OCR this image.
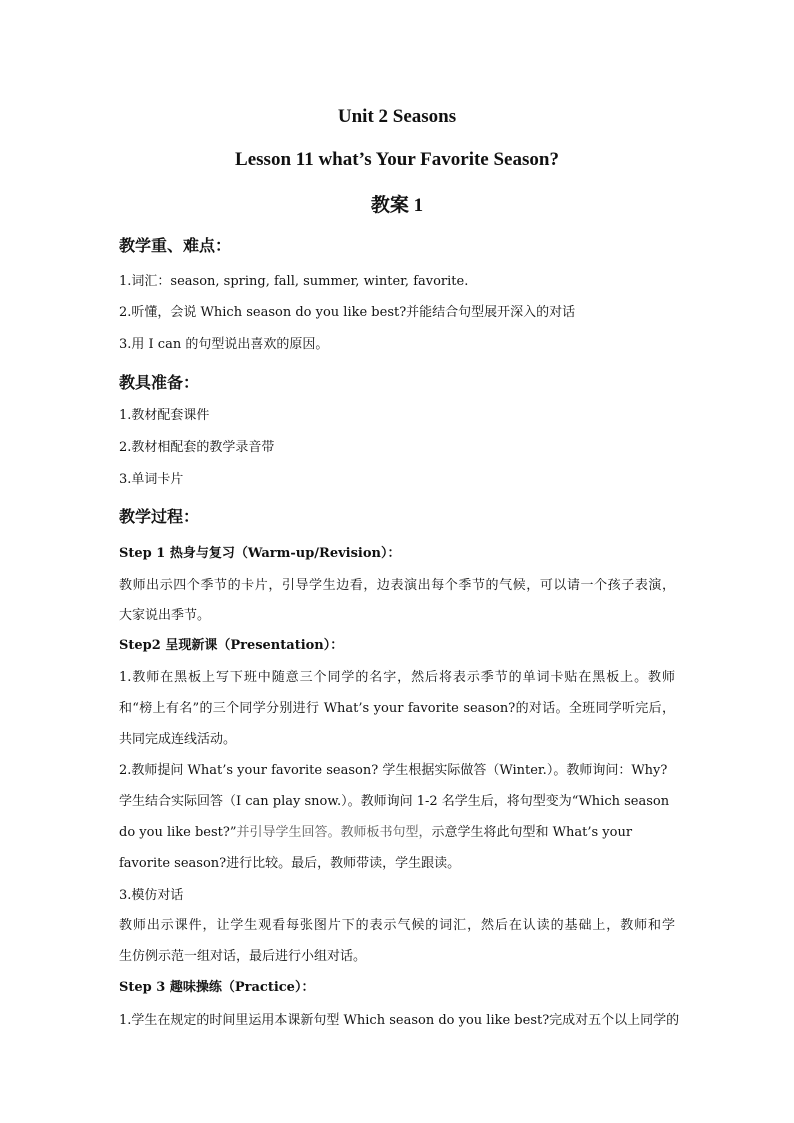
Unit 2 Seasons
Lesson 11 what’s Your Favorite Season?
教案 1
教学重、难点：
1.词汇：season, spring, fall, summer, winter, favorite.
2.听懂，会说 Which season do you like best?并能结合句型展开深入的对话
3.用 I can 的句型说出喜欢的原因。
教具准备：
1.教材配套课件
2.教材相配套的教学录音带
3.单词卡片
教学过程：
Step 1 热身与复习（Warm-up/Revision）：
教师出示四个季节的卡片，引导学生边看，边表演出每个季节的气候，可以请一个孩子表演，
大家说出季节。
Step2 呈现新课（Presentation）：
1.教师在黑板上写下班中随意三个同学的名字，然后将表示季节的单词卡贴在黑板上。教师
和“榜上有名”的三个同学分别进行 What’s your favorite season?的对话。全班同学听完后，
共同完成连线活动。
2.教师提问 What’s your favorite season? 学生根据实际做答（Winter.）。教师询问：Why?
学生结合实际回答（I can play snow.）。教师询问 1-2 名学生后，将句型变为“Which season
do you like best?”并引导学生回答。教师板书句型，示意学生将此句型和 What’s your
favorite season?进行比较。最后，教师带读，学生跟读。
3.模仿对话
教师出示课件，让学生观看每张图片下的表示气候的词汇，然后在认读的基础上，教师和学
生仿例示范一组对话，最后进行小组对话。
Step 3 趣味操练（Practice）：
1.学生在规定的时间里运用本课新句型 Which season do you like best?完成对五个以上同学的
